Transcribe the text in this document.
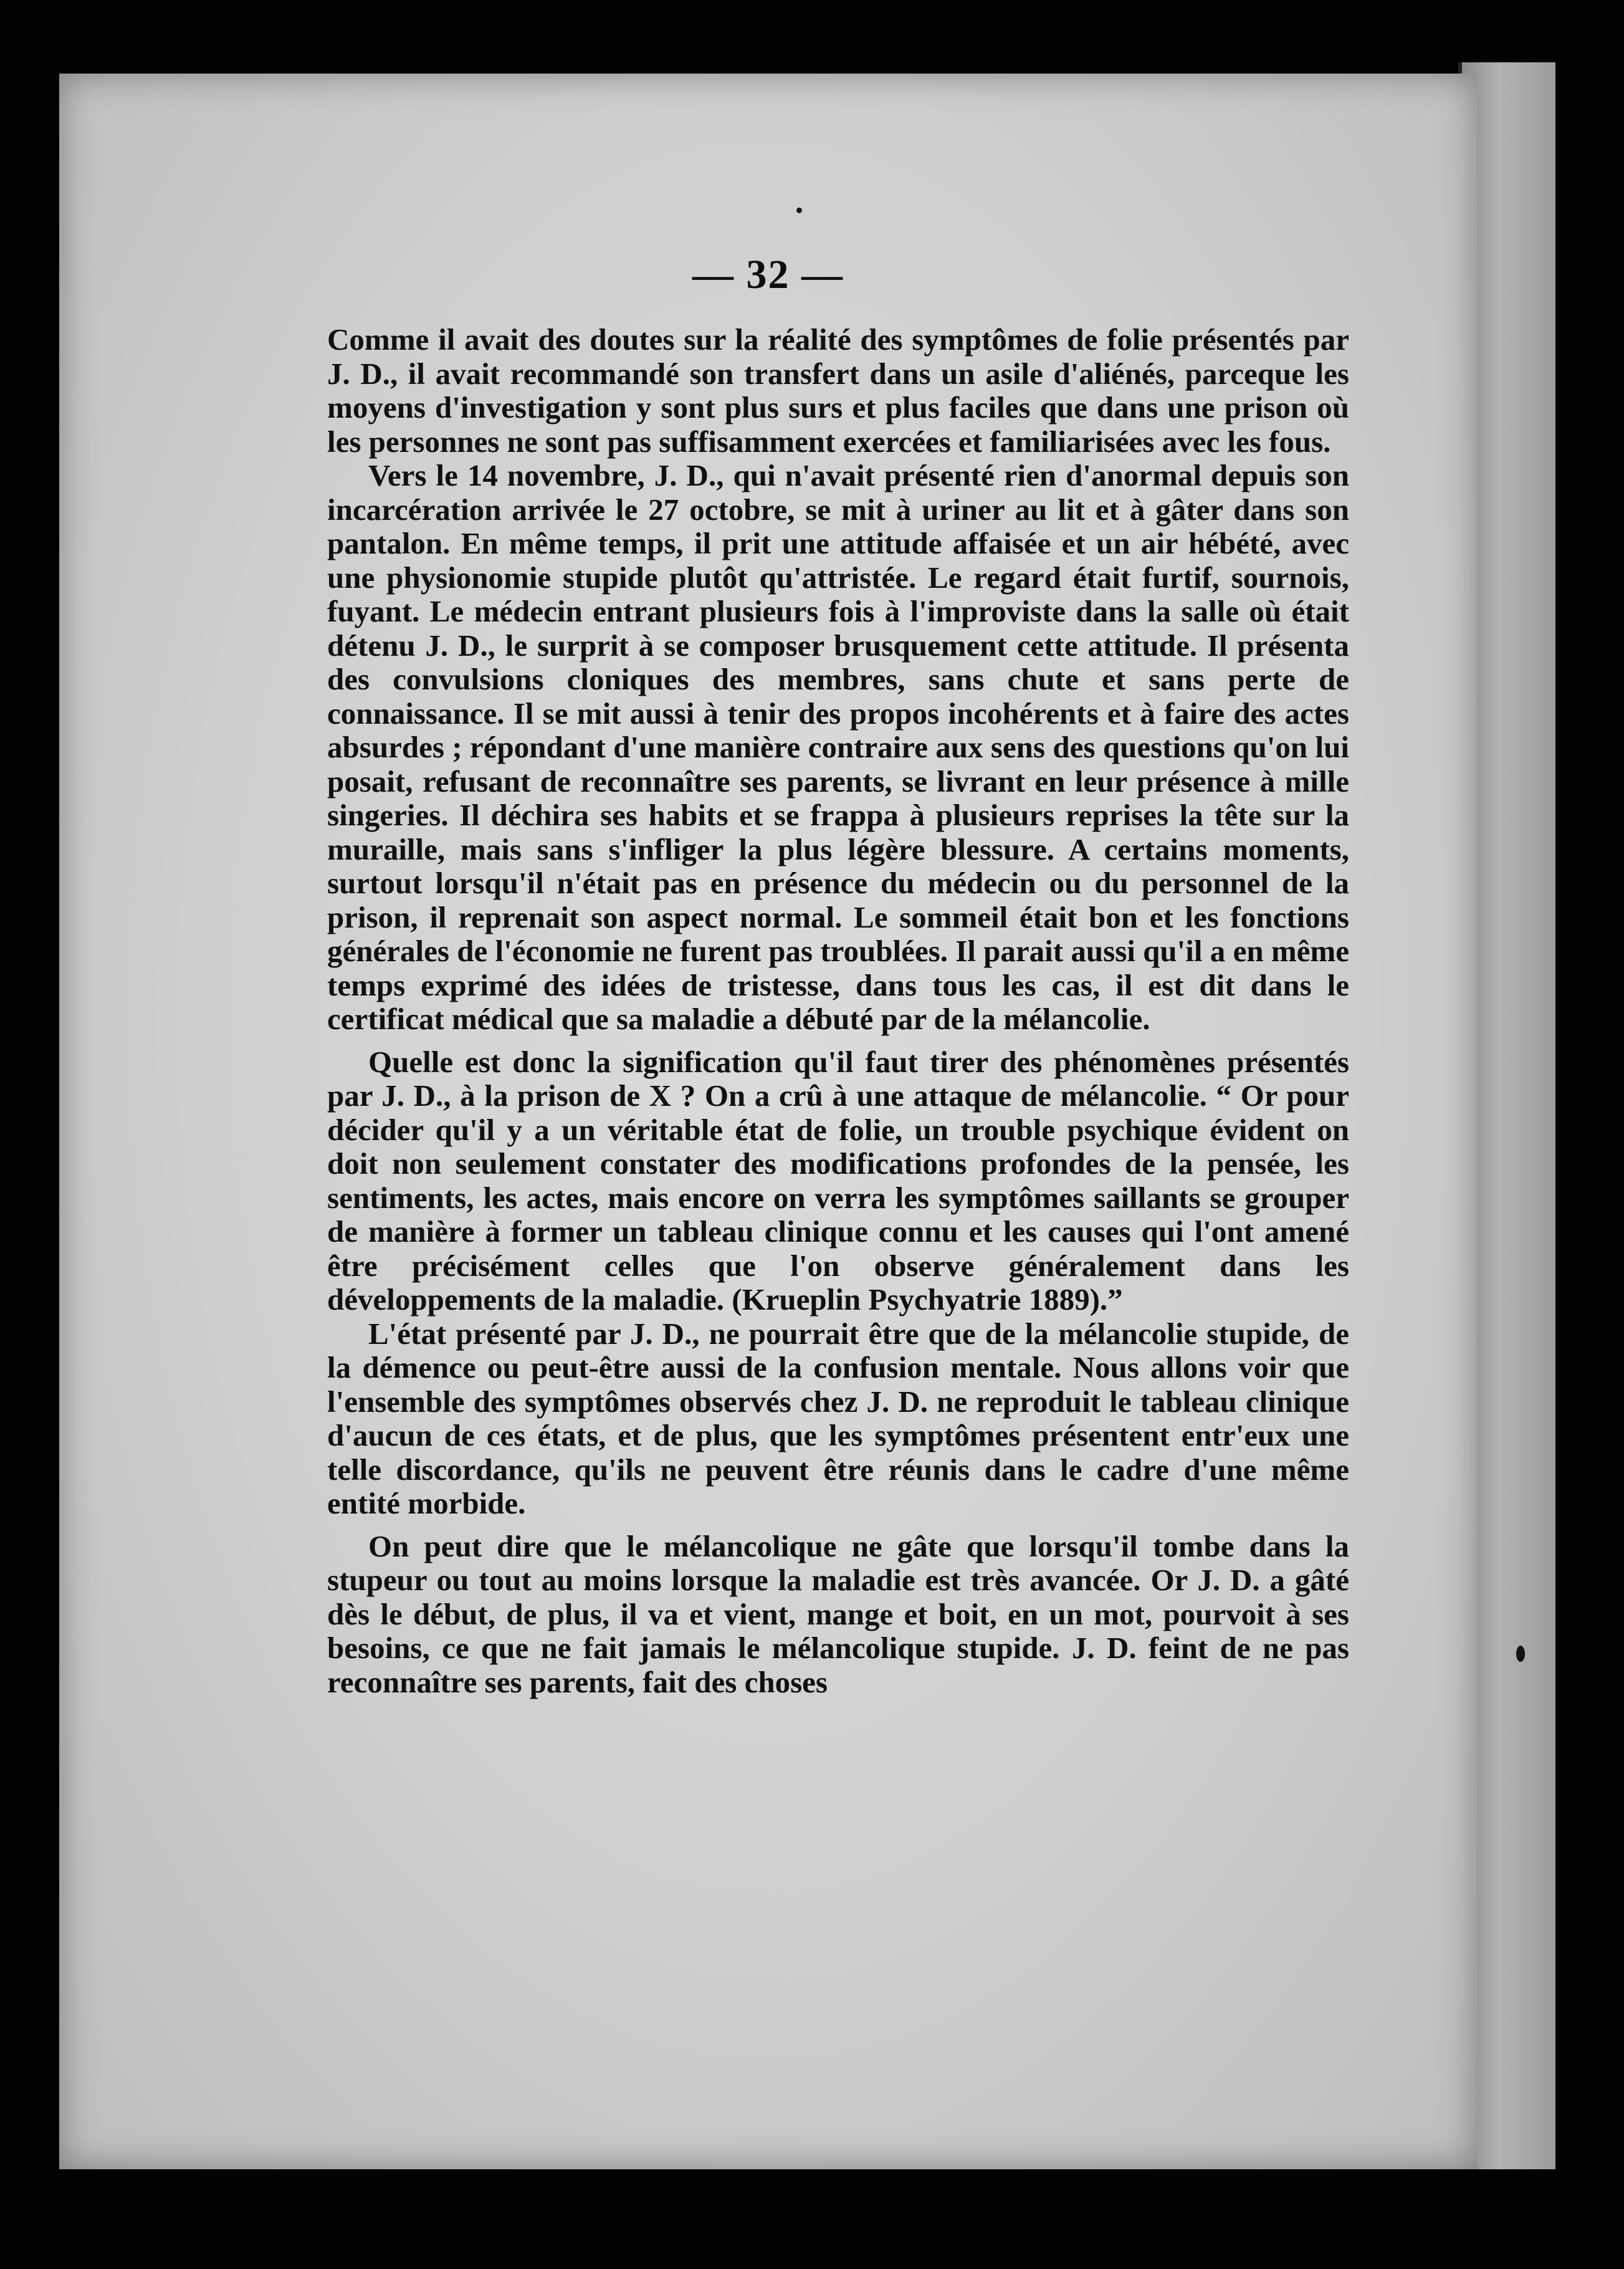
— 32 —

Comme il avait des doutes sur la réalité des symptômes de folie présentés par J. D., il avait recommandé son transfert dans un asile d'aliénés, parceque les moyens d'investigation y sont plus surs et plus faciles que dans une prison où les personnes ne sont pas suffisamment exercées et familiarisées avec les fous.

Vers le 14 novembre, J. D., qui n'avait présenté rien d'anormal depuis son incarcération arrivée le 27 octobre, se mit à uriner au lit et à gâter dans son pantalon. En même temps, il prit une attitude affaisée et un air hébété, avec une physionomie stupide plutôt qu'attristée. Le regard était furtif, sournois, fuyant. Le médecin entrant plusieurs fois à l'improviste dans la salle où était détenu J. D., le surprit à se composer brusquement cette attitude. Il présenta des convulsions cloniques des membres, sans chute et sans perte de connaissance. Il se mit aussi à tenir des propos incohérents et à faire des actes absurdes ; répondant d'une manière contraire aux sens des questions qu'on lui posait, refusant de reconnaître ses parents, se livrant en leur présence à mille singeries. Il déchira ses habits et se frappa à plusieurs reprises la tête sur la muraille, mais sans s'infliger la plus légère blessure. A certains moments, surtout lorsqu'il n'était pas en présence du médecin ou du personnel de la prison, il reprenait son aspect normal. Le sommeil était bon et les fonctions générales de l'économie ne furent pas troublées. Il parait aussi qu'il a en même temps exprimé des idées de tristesse, dans tous les cas, il est dit dans le certificat médical que sa maladie a débuté par de la mélancolie.

Quelle est donc la signification qu'il faut tirer des phénomènes présentés par J. D., à la prison de X ? On a crû à une attaque de mélancolie. “ Or pour décider qu'il y a un véritable état de folie, un trouble psychique évident on doit non seulement constater des modifications profondes de la pensée, les sentiments, les actes, mais encore on verra les symptômes saillants se grouper de manière à former un tableau clinique connu et les causes qui l'ont amené être précisément celles que l'on observe généralement dans les développements de la maladie. (Krueplin Psychyatrie 1889).”

L'état présenté par J. D., ne pourrait être que de la mélancolie stupide, de la démence ou peut-être aussi de la confusion mentale. Nous allons voir que l'ensemble des symptômes observés chez J. D. ne reproduit le tableau clinique d'aucun de ces états, et de plus, que les symptômes présentent entr'eux une telle discordance, qu'ils ne peuvent être réunis dans le cadre d'une même entité morbide.

On peut dire que le mélancolique ne gâte que lorsqu'il tombe dans la stupeur ou tout au moins lorsque la maladie est très avancée. Or J. D. a gâté dès le début, de plus, il va et vient, mange et boit, en un mot, pourvoit à ses besoins, ce que ne fait jamais le mélancolique stupide. J. D. feint de ne pas reconnaître ses parents, fait des choses
